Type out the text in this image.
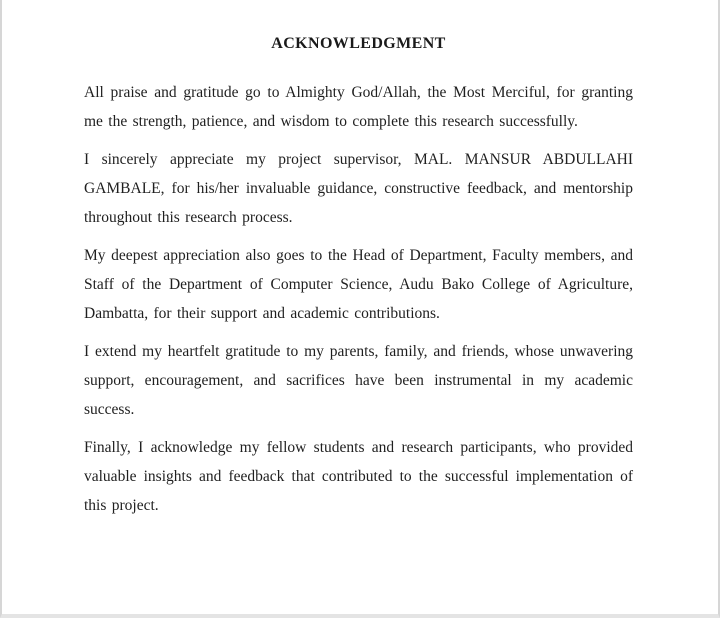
ACKNOWLEDGMENT

All praise and gratitude go to Almighty God/Allah, the Most Merciful, for granting me the strength, patience, and wisdom to complete this research successfully.

I sincerely appreciate my project supervisor, MAL. MANSUR ABDULLAHI GAMBALE, for his/her invaluable guidance, constructive feedback, and mentorship throughout this research process.

My deepest appreciation also goes to the Head of Department, Faculty members, and Staff of the Department of Computer Science, Audu Bako College of Agriculture, Dambatta, for their support and academic contributions.

I extend my heartfelt gratitude to my parents, family, and friends, whose unwavering support, encouragement, and sacrifices have been instrumental in my academic success.

Finally, I acknowledge my fellow students and research participants, who provided valuable insights and feedback that contributed to the successful implementation of this project.
